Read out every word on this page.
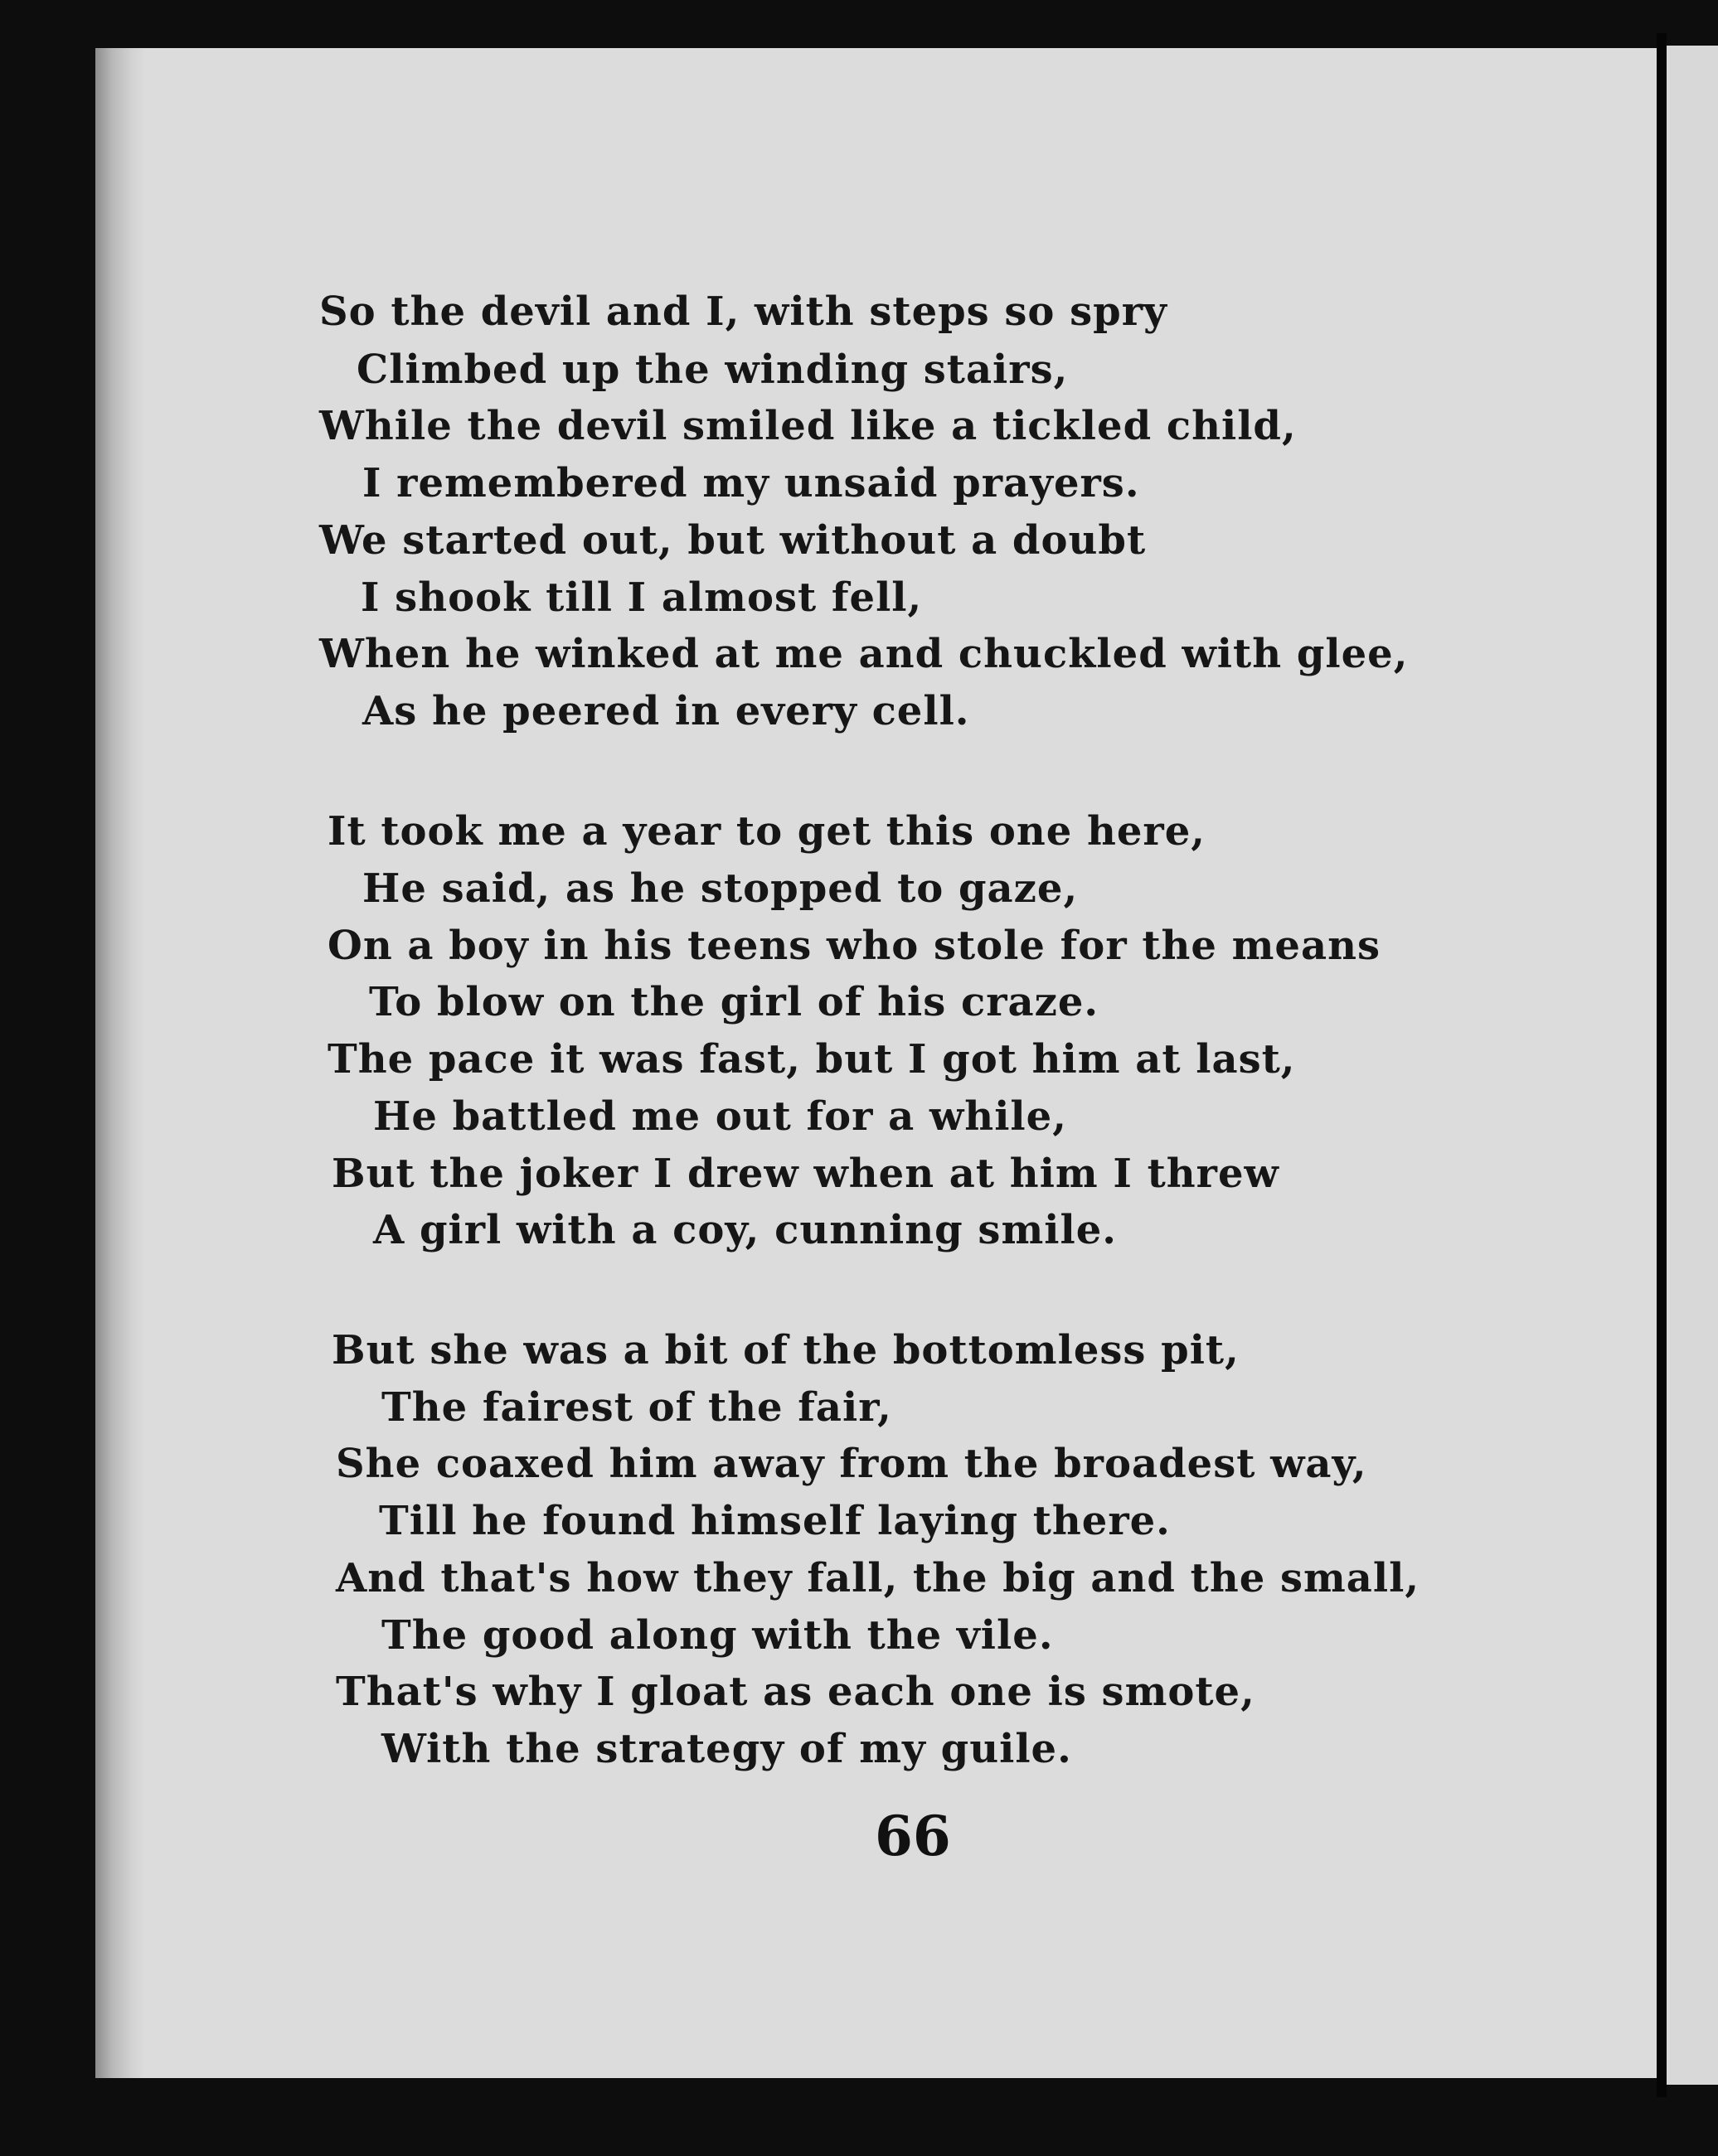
So the devil and I, with steps so spry
Climbed up the winding stairs,
While the devil smiled like a tickled child,
I remembered my unsaid prayers.
We started out, but without a doubt
I shook till I almost fell,
When he winked at me and chuckled with glee,
As he peered in every cell.
It took me a year to get this one here,
He said, as he stopped to gaze,
On a boy in his teens who stole for the means
To blow on the girl of his craze.
The pace it was fast, but I got him at last,
He battled me out for a while,
But the joker I drew when at him I threw
A girl with a coy, cunning smile.
But she was a bit of the bottomless pit,
The fairest of the fair,
She coaxed him away from the broadest way,
Till he found himself laying there.
And that's how they fall, the big and the small,
The good along with the vile.
That's why I gloat as each one is smote,
With the strategy of my guile.
66
